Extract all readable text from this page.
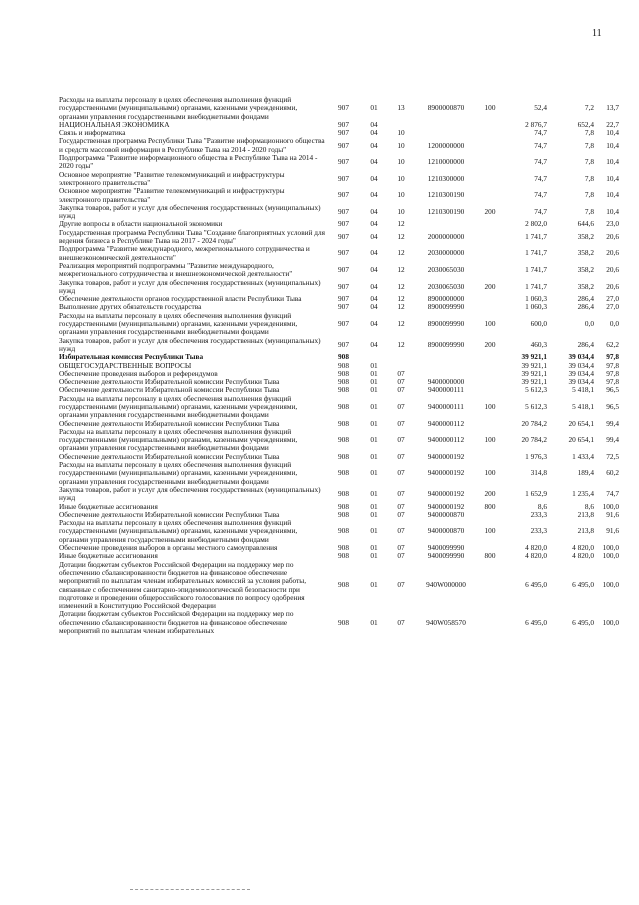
11
Расходы на выплаты персоналу в целях обеспечения выполнения функций государственными (муниципальными) органами, казенными учреждениями, органами управления государственными внебюджетными фондами	907	01	13	8900000870	100	52,4	7,2	13,7
НАЦИОНАЛЬНАЯ ЭКОНОМИКА	907	04				2 876,7	652,4	22,7
Связь и информатика	907	04	10			74,7	7,8	10,4
Государственная программа Республики Тыва "Развитие информационного общества и средств массовой информации в Республике Тыва на 2014 - 2020 годы"	907	04	10	1200000000		74,7	7,8	10,4
Подпрограмма "Развитие информационного общества в Республике Тыва на 2014 - 2020 годы"	907	04	10	1210000000		74,7	7,8	10,4
Основное мероприятие "Развитие телекоммуникаций и инфраструктуры электронного правительства"	907	04	10	1210300000		74,7	7,8	10,4
Основное мероприятие "Развитие телекоммуникаций и инфраструктуры электронного правительства"	907	04	10	1210300190		74,7	7,8	10,4
Закупка товаров, работ и услуг для обеспечения государственных (муниципальных) нужд	907	04	10	1210300190	200	74,7	7,8	10,4
Другие вопросы в области национальной экономики	907	04	12			2 802,0	644,6	23,0
Государственная программа Республики Тыва "Создание благоприятных условий для ведения бизнеса в Республике Тыва на 2017 - 2024 годы"	907	04	12	2000000000		1 741,7	358,2	20,6
Подпрограмма "Развитие международного, межрегионального сотрудничества и внешнеэкономической деятельности"	907	04	12	2030000000		1 741,7	358,2	20,6
Реализация мероприятий подпрограммы "Развитие международного, межрегионального сотрудничества и внешнеэкономической деятельности"	907	04	12	2030065030		1 741,7	358,2	20,6
Закупка товаров, работ и услуг для обеспечения государственных (муниципальных) нужд	907	04	12	2030065030	200	1 741,7	358,2	20,6
Обеспечение деятельности органов государственной власти Республики Тыва	907	04	12	8900000000		1 060,3	286,4	27,0
Выполнение других обязательств государства	907	04	12	8900099990		1 060,3	286,4	27,0
Расходы на выплаты персоналу в целях обеспечения выполнения функций государственными (муниципальными) органами, казенными учреждениями, органами управления государственными внебюджетными фондами	907	04	12	8900099990	100	600,0	0,0	0,0
Закупка товаров, работ и услуг для обеспечения государственных (муниципальных) нужд	907	04	12	8900099990	200	460,3	286,4	62,2
Избирательная комиссия Республики Тыва	908					39 921,1	39 034,4	97,8
ОБЩЕГОСУДАРСТВЕННЫЕ ВОПРОСЫ	908	01				39 921,1	39 034,4	97,8
Обеспечение проведения выборов и референдумов	908	01	07			39 921,1	39 034,4	97,8
Обеспечение деятельности Избирательной комиссии Республики Тыва	908	01	07	9400000000		39 921,1	39 034,4	97,8
Обеспечение деятельности Избирательной комиссии Республики Тыва	908	01	07	9400000111		5 612,3	5 418,1	96,5
Расходы на выплаты персоналу в целях обеспечения выполнения функций государственными (муниципальными) органами, казенными учреждениями, органами управления государственными внебюджетными фондами	908	01	07	9400000111	100	5 612,3	5 418,1	96,5
Обеспечение деятельности Избирательной комиссии Республики Тыва	908	01	07	9400000112		20 784,2	20 654,1	99,4
Расходы на выплаты персоналу в целях обеспечения выполнения функций государственными (муниципальными) органами, казенными учреждениями, органами управления государственными внебюджетными фондами	908	01	07	9400000112	100	20 784,2	20 654,1	99,4
Обеспечение деятельности Избирательной комиссии Республики Тыва	908	01	07	9400000192		1 976,3	1 433,4	72,5
Расходы на выплаты персоналу в целях обеспечения выполнения функций государственными (муниципальными) органами, казенными учреждениями, органами управления государственными внебюджетными фондами	908	01	07	9400000192	100	314,8	189,4	60,2
Закупка товаров, работ и услуг для обеспечения государственных (муниципальных) нужд	908	01	07	9400000192	200	1 652,9	1 235,4	74,7
Иные бюджетные ассигнования	908	01	07	9400000192	800	8,6	8,6	100,0
Обеспечение деятельности Избирательной комиссии Республики Тыва	908	01	07	9400000870		233,3	213,8	91,6
Расходы на выплаты персоналу в целях обеспечения выполнения функций государственными (муниципальными) органами, казенными учреждениями, органами управления государственными внебюджетными фондами	908	01	07	9400000870	100	233,3	213,8	91,6
Обеспечение проведения выборов в органы местного самоуправления	908	01	07	9400099990		4 820,0	4 820,0	100,0
Иные бюджетные ассигнования	908	01	07	9400099990	800	4 820,0	4 820,0	100,0
Дотации бюджетам субъектов Российской Федерации на поддержку мер по обеспечению сбалансированности бюджетов на финансовое обеспечение мероприятий по выплатам членам избирательных комиссий за условия работы, связанные с обеспечением санитарно-эпидемиологической безопасности при подготовке и проведении общероссийского голосования по вопросу одобрения изменений в Конституцию Российской Федерации	908	01	07	940W000000		6 495,0	6 495,0	100,0
Дотации бюджетам субъектов Российской Федерации на поддержку мер по обеспечению сбалансированности бюджетов на финансовое обеспечение мероприятий по выплатам членам избирательных	908	01	07	940W058570		6 495,0	6 495,0	100,0
